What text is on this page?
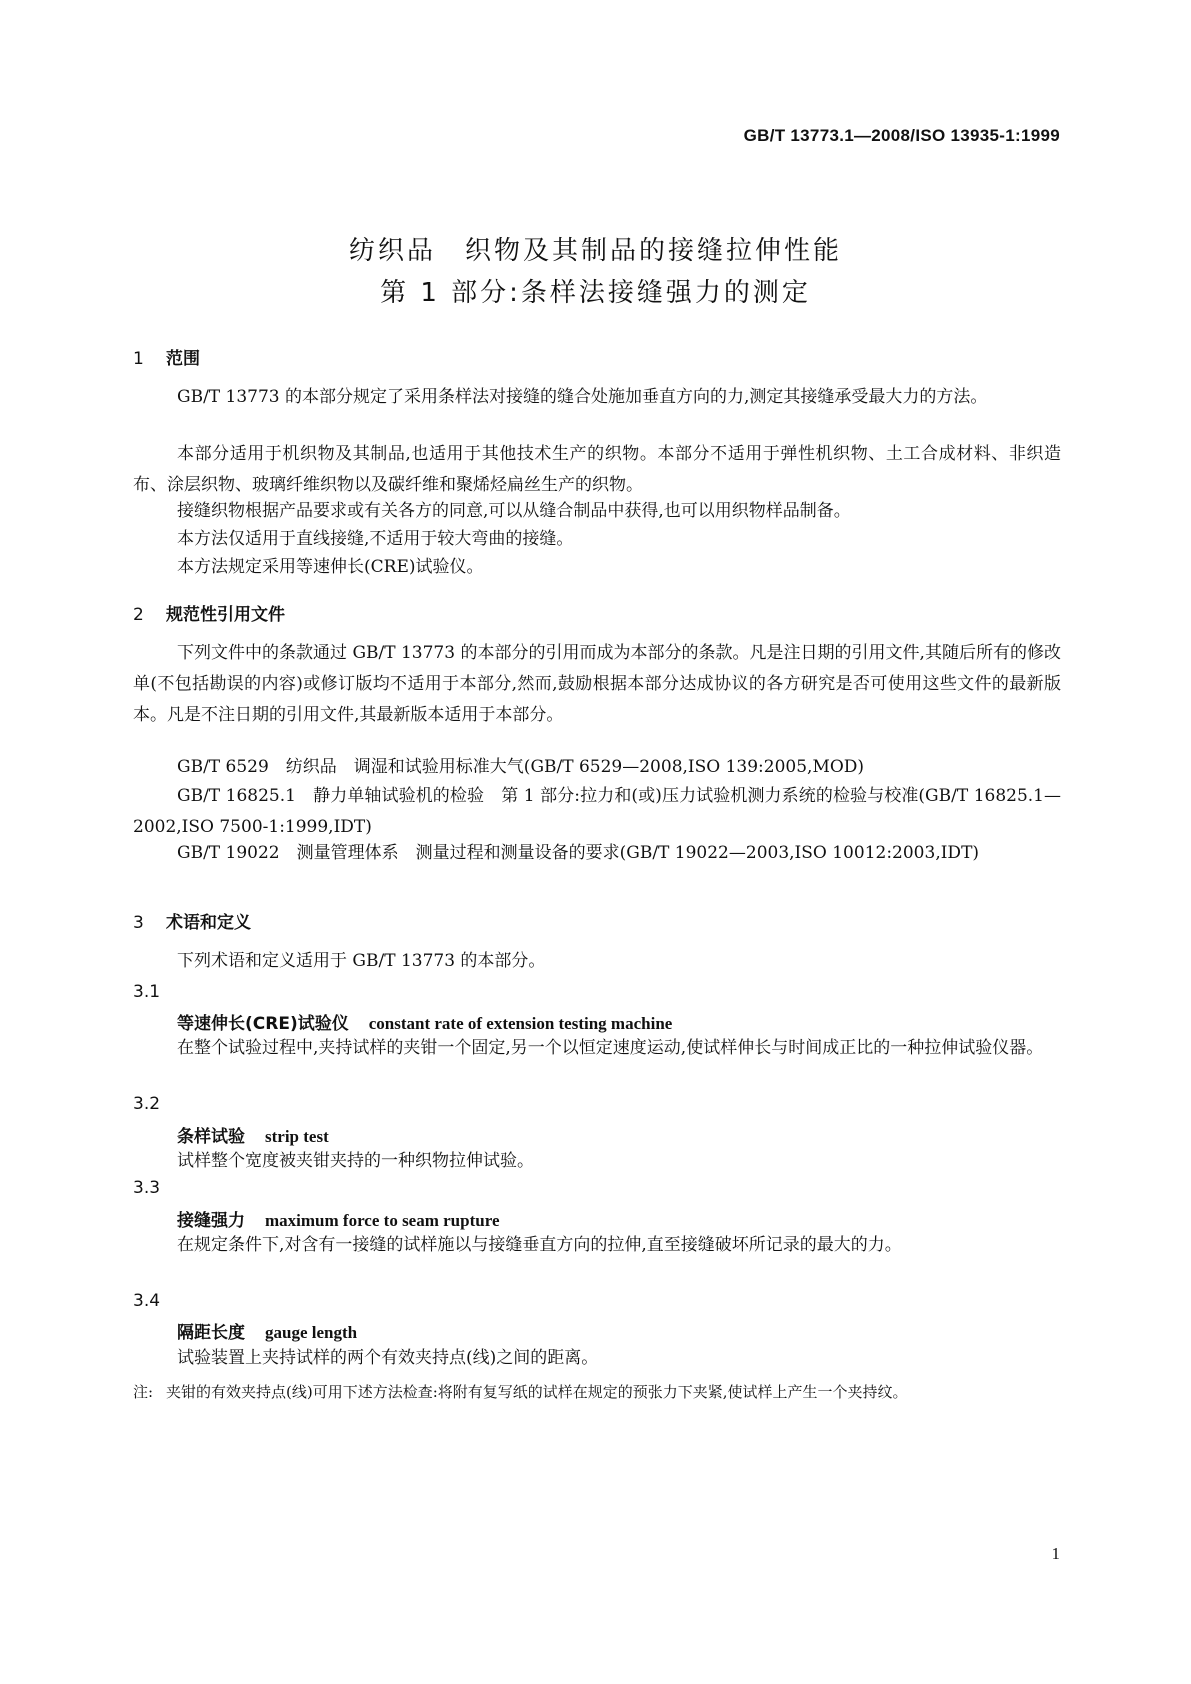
GB/T 13773.1—2008/ISO 13935-1:1999
纺织品　织物及其制品的接缝拉伸性能
第 1 部分:条样法接缝强力的测定
1 范围
GB/T 13773 的本部分规定了采用条样法对接缝的缝合处施加垂直方向的力,测定其接缝承受最大力的方法。
本部分适用于机织物及其制品,也适用于其他技术生产的织物。本部分不适用于弹性机织物、土工合成材料、非织造布、涂层织物、玻璃纤维织物以及碳纤维和聚烯烃扁丝生产的织物。
接缝织物根据产品要求或有关各方的同意,可以从缝合制品中获得,也可以用织物样品制备。
本方法仅适用于直线接缝,不适用于较大弯曲的接缝。
本方法规定采用等速伸长(CRE)试验仪。
2 规范性引用文件
下列文件中的条款通过 GB/T 13773 的本部分的引用而成为本部分的条款。凡是注日期的引用文件,其随后所有的修改单(不包括勘误的内容)或修订版均不适用于本部分,然而,鼓励根据本部分达成协议的各方研究是否可使用这些文件的最新版本。凡是不注日期的引用文件,其最新版本适用于本部分。
GB/T 6529　纺织品　调湿和试验用标准大气(GB/T 6529—2008,ISO 139:2005,MOD)
GB/T 16825.1　静力单轴试验机的检验　第 1 部分:拉力和(或)压力试验机测力系统的检验与校准(GB/T 16825.1—2002,ISO 7500-1:1999,IDT)
GB/T 19022　测量管理体系　测量过程和测量设备的要求(GB/T 19022—2003,ISO 10012:2003,IDT)
3 术语和定义
下列术语和定义适用于 GB/T 13773 的本部分。
3.1
等速伸长(CRE)试验仪 constant rate of extension testing machine
在整个试验过程中,夹持试样的夹钳一个固定,另一个以恒定速度运动,使试样伸长与时间成正比的一种拉伸试验仪器。
3.2
条样试验 strip test
试样整个宽度被夹钳夹持的一种织物拉伸试验。
3.3
接缝强力 maximum force to seam rupture
在规定条件下,对含有一接缝的试样施以与接缝垂直方向的拉伸,直至接缝破坏所记录的最大的力。
3.4
隔距长度 gauge length
试验装置上夹持试样的两个有效夹持点(线)之间的距离。
注: 夹钳的有效夹持点(线)可用下述方法检查:将附有复写纸的试样在规定的预张力下夹紧,使试样上产生一个夹持纹。
1
